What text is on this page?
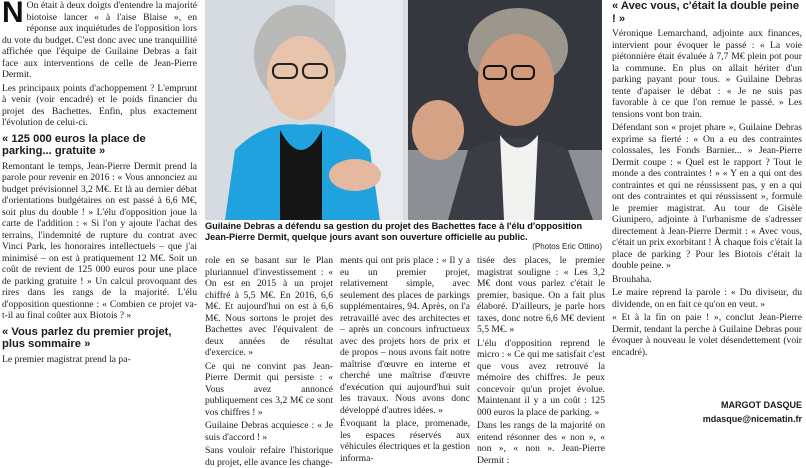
N On était à deux doigts d'entendre la majorité biotoise lancer « à l'aise Blaise », en réponse aux inquiétudes de l'opposition lors du vote du budget. C'est donc avec une tranquillité affichée que l'équipe de Guilaine Debras a fait face aux interventions de celle de Jean-Pierre Dermit.

Les principaux points d'achoppement ? L'emprunt à venir (voir encadré) et le poids financier du projet des Bachettes. Enfin, plus exactement l'évolution de celui-ci.

« 125 000 euros la place de parking... gratuite »

Remontant le temps, Jean-Pierre Dermit prend la parole pour revenir en 2016 : « Vous annonciez au budget prévisionnel 3,2 M€. Et là au dernier débat d'orientations budgétaires on est passé à 6,6 M€, soit plus du double ! » L'élu d'opposition joue la carte de l'addition : « Si l'on y ajoute l'achat des terrains, l'indemnité de rupture du contrat avec Vinci Park, les honoraires intellectuels – que j'ai minimisé – on est à pratiquement 12 M€. Soit un coût de revient de 125 000 euros pour une place de parking gratuite ! » Un calcul provoquant des rires dans les rangs de la majorité. L'élu d'opposition questionne : « Combien ce projet va-t-il au final coûter aux Biotois ? »

« Vous parlez du premier projet, plus sommaire »

Le premier magistrat prend la pa-

Guilaine Debras a défendu sa gestion du projet des Bachettes face à l'élu d'opposition Jean-Pierre Dermit, quelque jours avant son ouverture officielle au public.
(Photos Eric Ottino)

role en se basant sur le Plan pluriannuel d'investissement : « On est en 2015 à un projet chiffré à 5,5 M€. En 2016, 6,6 M€. Et aujourd'hui on est à 6,6 M€. Nous sortons le projet des Bachettes avec l'équivalent de deux années de résultat d'exercice. »

Ce qui ne convint pas Jean-Pierre Dermit qui persiste : « Vous avez annoncé publiquement ces 3,2 M€ ce sont vos chiffres ! »

Guilaine Debras acquiesce : « Je suis d'accord ! »

Sans vouloir refaire l'historique du projet, elle avance les change-

ments qui ont pris place : « Il y a eu un premier projet, relativement simple, avec seulement des places de parkings supplémentaires, 94. Après, on l'a retravaillé avec des architectes et – après un concours infructueux avec des projets hors de prix et de propos – nous avons fait notre maîtrise d'œuvre en interne et cherché une maîtrise d'œuvre d'exécution qui aujourd'hui suit les travaux. Nous avons donc développé d'autres idées. »

Évoquant la place, promenade, les espaces réservés aux véhicules électriques et la gestion informa-

tisée des places, le premier magistrat souligne : « Les 3,2 M€ dont vous parlez c'était le premier, basique. On a fait plus élaboré. D'ailleurs, je parle hors taxes, donc notre 6,6 M€ devient 5,5 M€. »

L'élu d'opposition reprend le micro : « Ce qui me satisfait c'est que vous avez retrouvé la mémoire des chiffres. Je peux concevoir qu'un projet évolue. Maintenant il y a un coût : 125 000 euros la place de parking. »

Dans les rangs de la majorité on entend résonner des « non », « non », « non ». Jean-Pierre Dermit :

« Avec vous, c'était la double peine ! »

Véronique Lemarchand, adjointe aux finances, intervient pour évoquer le passé : « La voie piétonnière était évaluée à 7,7 M€ plein pot pour la commune. En plus on allait hériter d'un parking payant pour tous. » Guilaine Debras tente d'apaiser le débat : « Je ne suis pas favorable à ce que l'on remue le passé. » Les tensions vont bon train.

Défendant son « projet phare », Guilaine Debras exprime sa fierté : « On a eu des contraintes colossales, les Fonds Barnier... » Jean-Pierre Dermit coupe : « Quel est le rapport ? Tout le monde a des contraintes ! » « Y en a qui ont des contraintes et qui ne réussissent pas, y en a qui ont des contraintes et qui réussissent », formule le premier magistrat. Au tour de Gisèle Giunipero, adjointe à l'urbanisme de s'adresser directement à Jean-Pierre Dermit : « Avec vous, c'était un prix exorbitant ! À chaque fois c'était la place de parking ? Pour les Biotois c'était la double peine. »

Brouhaha.

Le maire reprend la parole : « Du diviseur, du dividende, on en fait ce qu'on en veut. »

« Et à la fin on paie ! », conclut Jean-Pierre Dermit, tendant la perche à Guilaine Debras pour évoquer à nouveau le volet désendettement (voir encadré).

MARGOT DASQUE
mdasque@nicematin.fr
